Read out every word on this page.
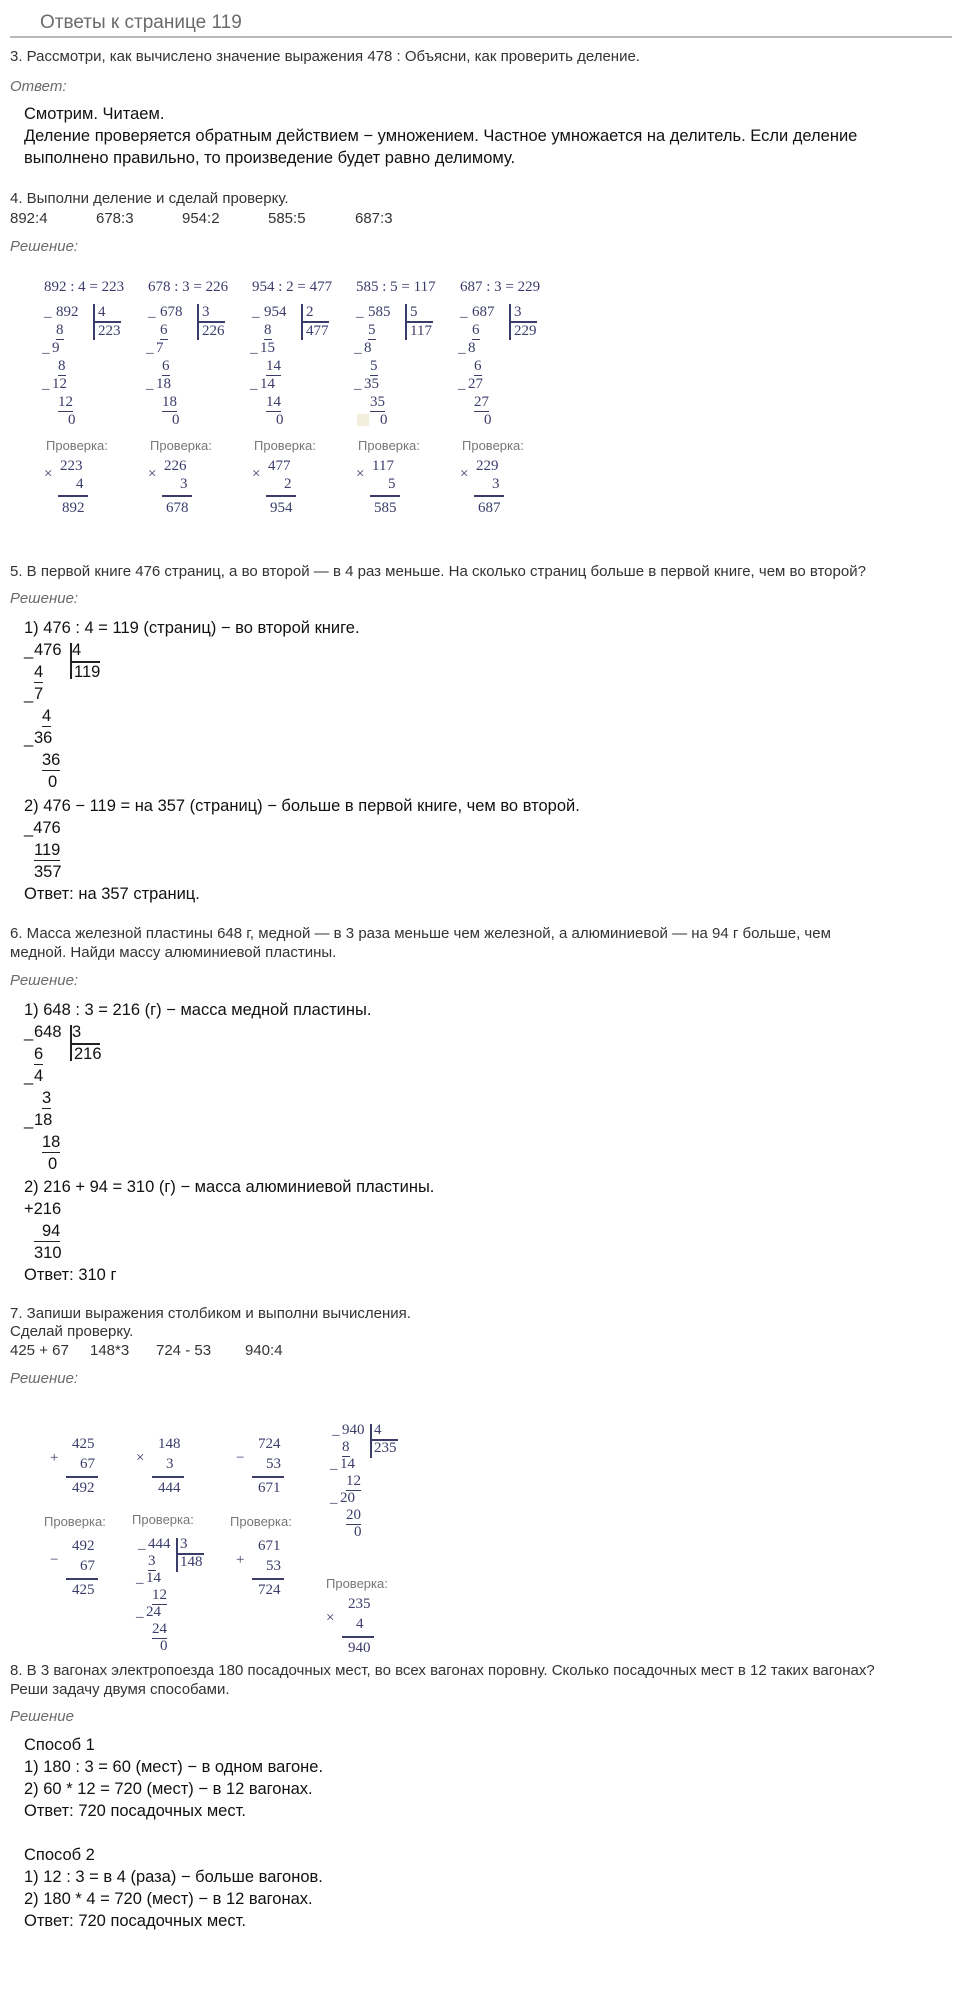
Ответы к странице 119
3. Рассмотри, как вычислено значение выражения 478 : Объясни, как проверить деление.
Ответ:
Смотрим. Читаем.
Деление проверяется обратным действием − умножением. Частное умножается на делитель. Если деление
выполнено правильно, то произведение будет равно делимому.
4. Выполни деление и сделай проверку.
892:4	678:3	954:2	585:5	687:3
Решение:
892 : 4 = 223
_ 892 4
223
8
_ 9
8
_ 12
12
0
Проверка:
× 223
4
892
678 : 3 = 226
_ 678 3
226
6
_ 7
6
_ 18
18
0
Проверка:
× 226
3
678
954 : 2 = 477
_ 954 2
477
8
_ 15
14
_ 14
14
0
Проверка:
× 477
2
954
585 : 5 = 117
_ 585 5
117
5
_ 8
5
_ 35
35
0
Проверка:
× 117
5
585
687 : 3 = 229
_ 687 3
229
6
_ 8
6
_ 27
27
0
Проверка:
× 229
3
687
5. В первой книге 476 страниц, а во второй — в 4 раз меньше. На сколько страниц больше в первой книге, чем во второй?
Решение:
1) 476 : 4 = 119 (страниц) − во второй книге.
_ 476 4
119
4
_ 7
4
_ 36
36
0
2) 476 − 119 = на 357 (страниц) − больше в первой книге, чем во второй.
_476
119
357
Ответ: на 357 страниц.
6. Масса железной пластины 648 г, медной — в 3 раза меньше чем железной, а алюминиевой — на 94 г больше, чем
медной. Найди массу алюминиевой пластины.
Решение:
1) 648 : 3 = 216 (г) − масса медной пластины.
_ 648 3
216
6
_ 4
3
_ 18
18
0
2) 216 + 94 = 310 (г) − масса алюминиевой пластины.
+216
94
310
Ответ: 310 г
7. Запиши выражения столбиком и выполни вычисления.
Сделай проверку.
425 + 67 148*3 724 - 53 940:4
Решение:
+
425
67
492
×
148
3
444
−
724
53
671
_ 940 4
235
8
_ 14
12
_ 20
20
0
Проверка: Проверка:	Проверка:
Проверка:
−
492
67
425
_ 444 3
148
3
_ 14
12
_ 24
24
0
+
671
53
724
×
235
4
940
8. В 3 вагонах электропоезда 180 посадочных мест, во всех вагонах поровну. Сколько посадочных мест в 12 таких вагонах?
Реши задачу двумя способами.
Решение
Способ 1
1) 180 : 3 = 60 (мест) − в одном вагоне.
2) 60 * 12 = 720 (мест) − в 12 вагонах.
Ответ: 720 посадочных мест.
Способ 2
1) 12 : 3 = в 4 (раза) − больше вагонов.
2) 180 * 4 = 720 (мест) − в 12 вагонах.
Ответ: 720 посадочных мест.
